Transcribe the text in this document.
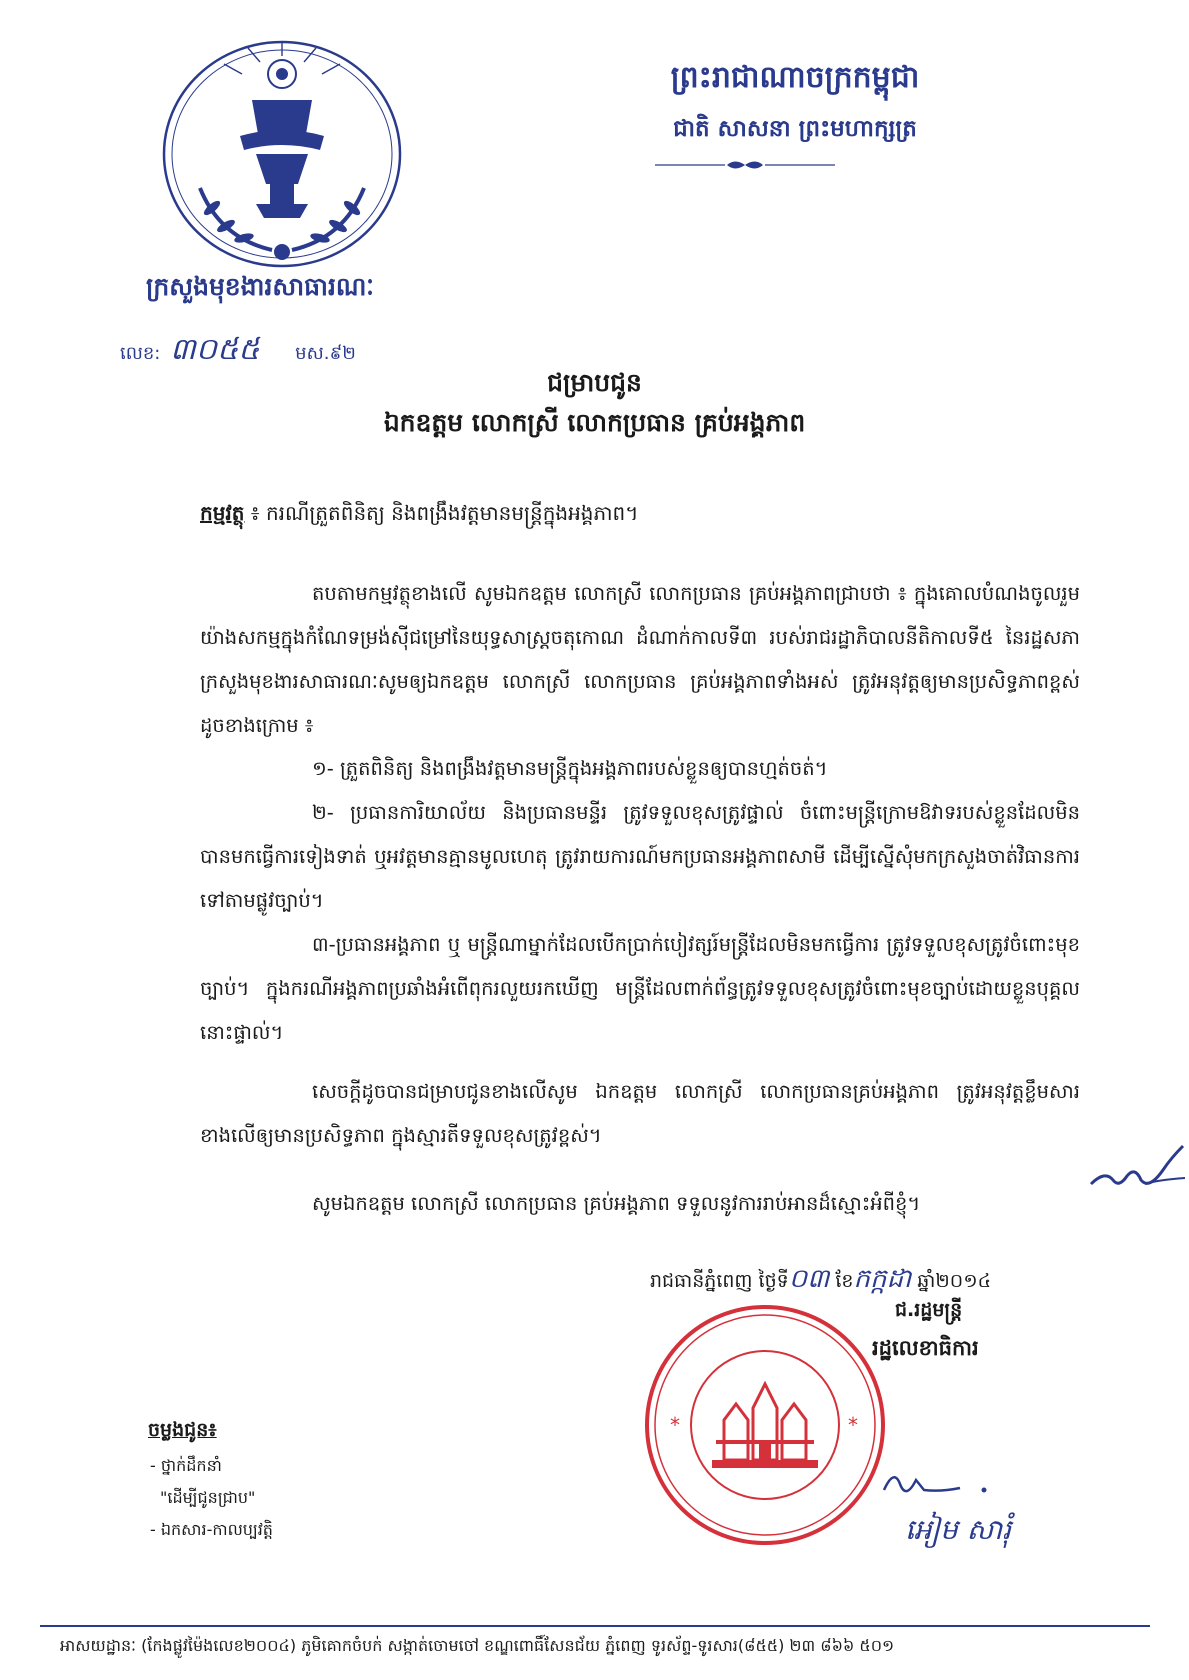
ព្រះរាជាណាចក្រកម្ពុជា
ជាតិ សាសនា ព្រះមហាក្សត្រ
ក្រសួងមុខងារសាធារណៈ
លេខ: ៣០៥៥ មស.៩២
ជម្រាបជូន
ឯកឧត្តម លោកស្រី លោកប្រធាន គ្រប់អង្គភាព
កម្មវត្ថុ ៖ ករណីត្រួតពិនិត្យ និងពង្រឹងវត្តមានមន្ត្រីក្នុងអង្គភាព។

តបតាមកម្មវត្ថុខាងលើ សូមឯកឧត្តម លោកស្រី លោកប្រធាន គ្រប់អង្គភាពជ្រាបថា ៖ ក្នុងគោលបំណងចូលរួមយ៉ាងសកម្មក្នុងកំណែទម្រង់ស៊ីជម្រៅនៃយុទ្ធសាស្ត្រចតុកោណ ដំណាក់កាលទី៣ របស់រាជរដ្ឋាភិបាលនីតិកាលទី៥ នៃរដ្ឋសភា ក្រសួងមុខងារសាធារណៈសូមឲ្យឯកឧត្តម លោកស្រី លោកប្រធាន គ្រប់អង្គភាពទាំងអស់ ត្រូវអនុវត្តឲ្យមានប្រសិទ្ធភាពខ្ពស់ ដូចខាងក្រោម ៖

១- ត្រួតពិនិត្យ និងពង្រឹងវត្តមានមន្ត្រីក្នុងអង្គភាពរបស់ខ្លួនឲ្យបានហ្មត់ចត់។

២- ប្រធានការិយាល័យ និងប្រធានមន្ទីរ ត្រូវទទួលខុសត្រូវផ្ទាល់ ចំពោះមន្ត្រីក្រោមឱវាទរបស់ខ្លួនដែលមិនបានមកធ្វើការទៀងទាត់ ឬអវត្តមានគ្មានមូលហេតុ ត្រូវរាយការណ៍មកប្រធានអង្គភាពសាមី ដើម្បីស្នើសុំមកក្រសួងចាត់វិធានការទៅតាមផ្លូវច្បាប់។

៣-ប្រធានអង្គភាព ឬ មន្ត្រីណាម្នាក់ដែលបើកប្រាក់បៀវត្សរ៍មន្ត្រីដែលមិនមកធ្វើការ ត្រូវទទួលខុសត្រូវចំពោះមុខច្បាប់។ ក្នុងករណីអង្គភាពប្រឆាំងអំពើពុករលួយរកឃើញ មន្ត្រីដែលពាក់ព័ន្ធត្រូវទទួលខុសត្រូវចំពោះមុខច្បាប់ដោយខ្លួនបុគ្គលនោះផ្ទាល់។

សេចក្តីដូចបានជម្រាបជូនខាងលើសូម ឯកឧត្តម លោកស្រី លោកប្រធានគ្រប់អង្គភាព ត្រូវអនុវត្តខ្លឹមសារខាងលើឲ្យមានប្រសិទ្ធភាព ក្នុងស្មារតីទទួលខុសត្រូវខ្ពស់។

សូមឯកឧត្តម លោកស្រី លោកប្រធាន គ្រប់អង្គភាព ទទួលនូវការរាប់អានដ៏ស្មោះអំពីខ្ញុំ។

រាជធានីភ្នំពេញ ថ្ងៃទី០៣ ខែកក្កដា ឆ្នាំ២០១៤
ជ.រដ្ឋមន្ត្រី
រដ្ឋលេខាធិការ
*	*
អៀម សារុំ
ចម្លងជូន៖
- ថ្នាក់ដឹកនាំ
"ដើម្បីជូនជ្រាប"
- ឯកសារ-កាលប្បវត្តិ
អាសយដ្ឋានៈ (កែងផ្លូវម៉ៃងលេខ២០០៤) ភូមិគោកចំបក់ សង្កាត់ចោមចៅ ខណ្ឌពោធិ៍សែនជ័យ ភ្នំពេញ ទូរស័ព្ទ-ទូរសារ(៨៥៥) ២៣ ៨៦៦ ៥០១
